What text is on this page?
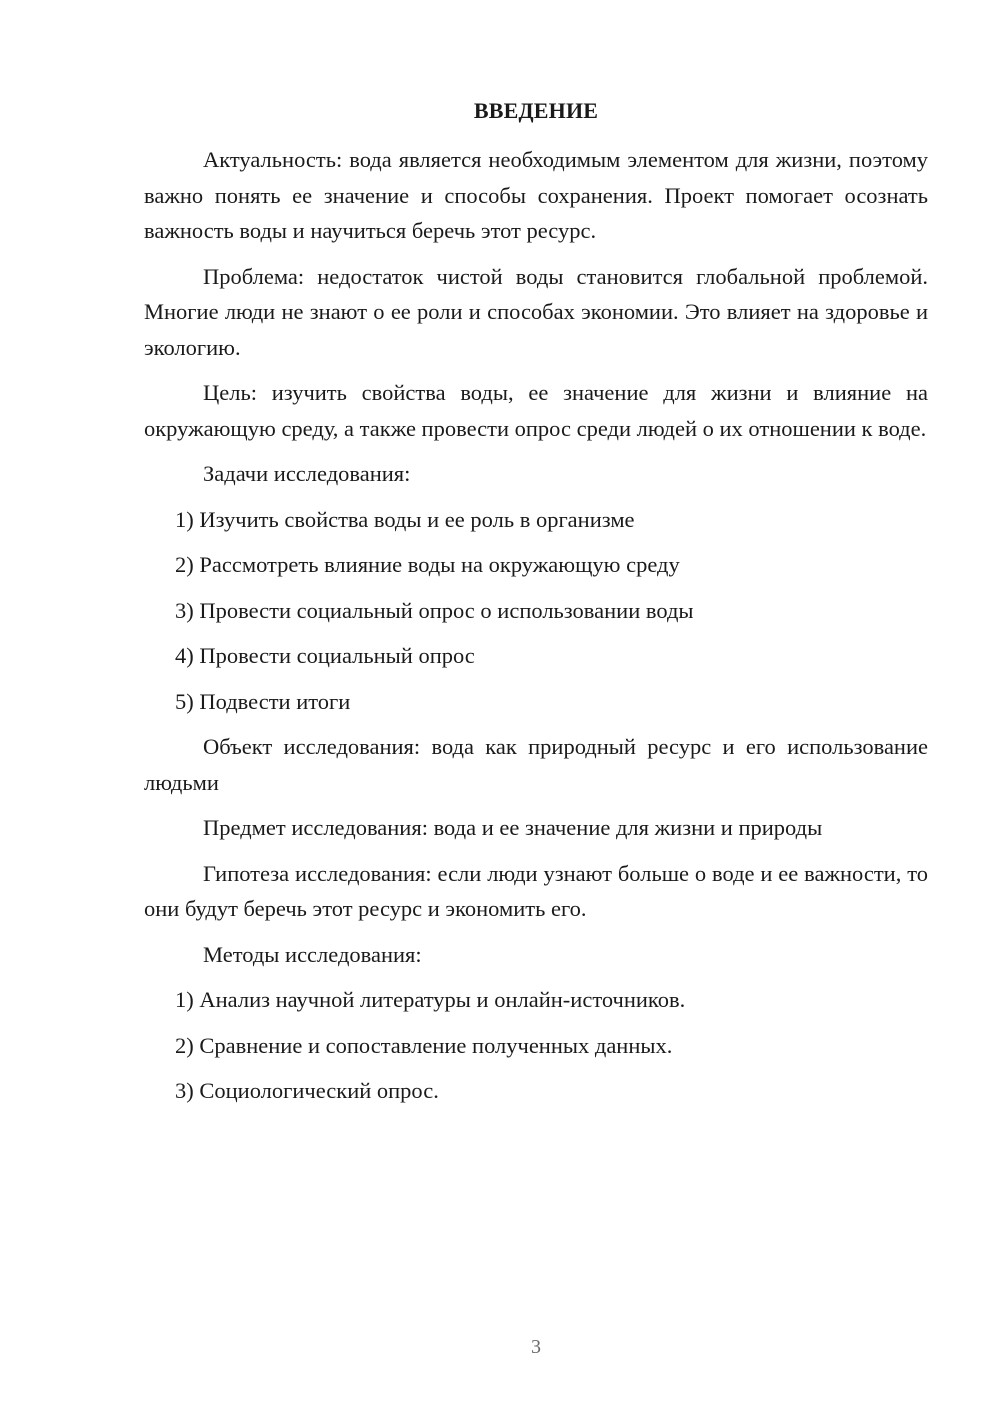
ВВЕДЕНИЕ

Актуальность: вода является необходимым элементом для жизни, поэтому важно понять ее значение и способы сохранения. Проект помогает осознать важность воды и научиться беречь этот ресурс.

Проблема: недостаток чистой воды становится глобальной проблемой. Многие люди не знают о ее роли и способах экономии. Это влияет на здоровье и экологию.

Цель: изучить свойства воды, ее значение для жизни и влияние на окружающую среду, а также провести опрос среди людей о их отношении к воде.

Задачи исследования:

1) Изучить свойства воды и ее роль в организме

2) Рассмотреть влияние воды на окружающую среду

3) Провести социальный опрос о использовании воды

4) Провести социальный опрос

5) Подвести итоги

Объект исследования: вода как природный ресурс и его использование людьми

Предмет исследования: вода и ее значение для жизни и природы

Гипотеза исследования: если люди узнают больше о воде и ее важности, то они будут беречь этот ресурс и экономить его.

Методы исследования:

1) Анализ научной литературы и онлайн-источников.

2) Сравнение и сопоставление полученных данных.

3) Социологический опрос.

3
